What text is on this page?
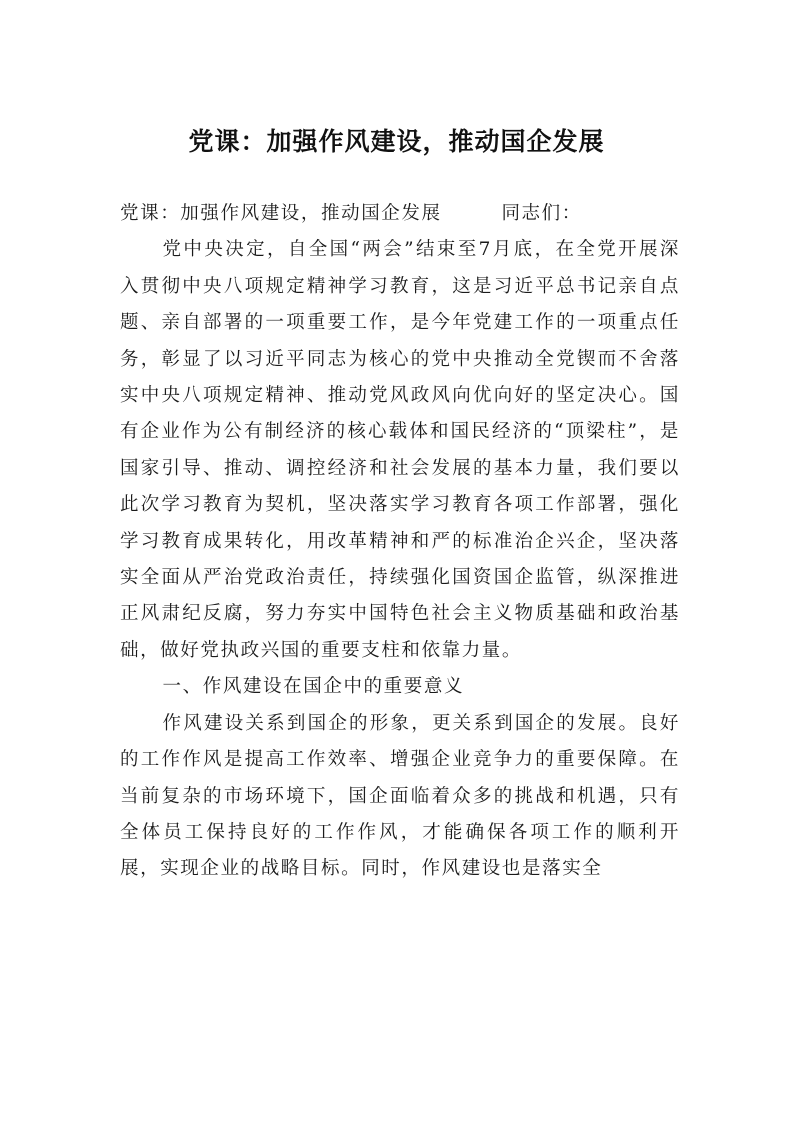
党课：加强作风建设，推动国企发展

党课：加强作风建设，推动国企发展        同志们：

党中央决定，自全国“两会”结束至7月底，在全党开展深入贯彻中央八项规定精神学习教育，这是习近平总书记亲自点题、亲自部署的一项重要工作，是今年党建工作的一项重点任务，彰显了以习近平同志为核心的党中央推动全党锲而不舍落实中央八项规定精神、推动党风政风向优向好的坚定决心。国有企业作为公有制经济的核心载体和国民经济的“顶梁柱”，是国家引导、推动、调控经济和社会发展的基本力量，我们要以此次学习教育为契机，坚决落实学习教育各项工作部署，强化学习教育成果转化，用改革精神和严的标准治企兴企，坚决落实全面从严治党政治责任，持续强化国资国企监管，纵深推进正风肃纪反腐，努力夯实中国特色社会主义物质基础和政治基础，做好党执政兴国的重要支柱和依靠力量。

一、作风建设在国企中的重要意义

作风建设关系到国企的形象，更关系到国企的发展。良好的工作作风是提高工作效率、增强企业竞争力的重要保障。在当前复杂的市场环境下，国企面临着众多的挑战和机遇，只有全体员工保持良好的工作作风，才能确保各项工作的顺利开展，实现企业的战略目标。同时，作风建设也是落实全
